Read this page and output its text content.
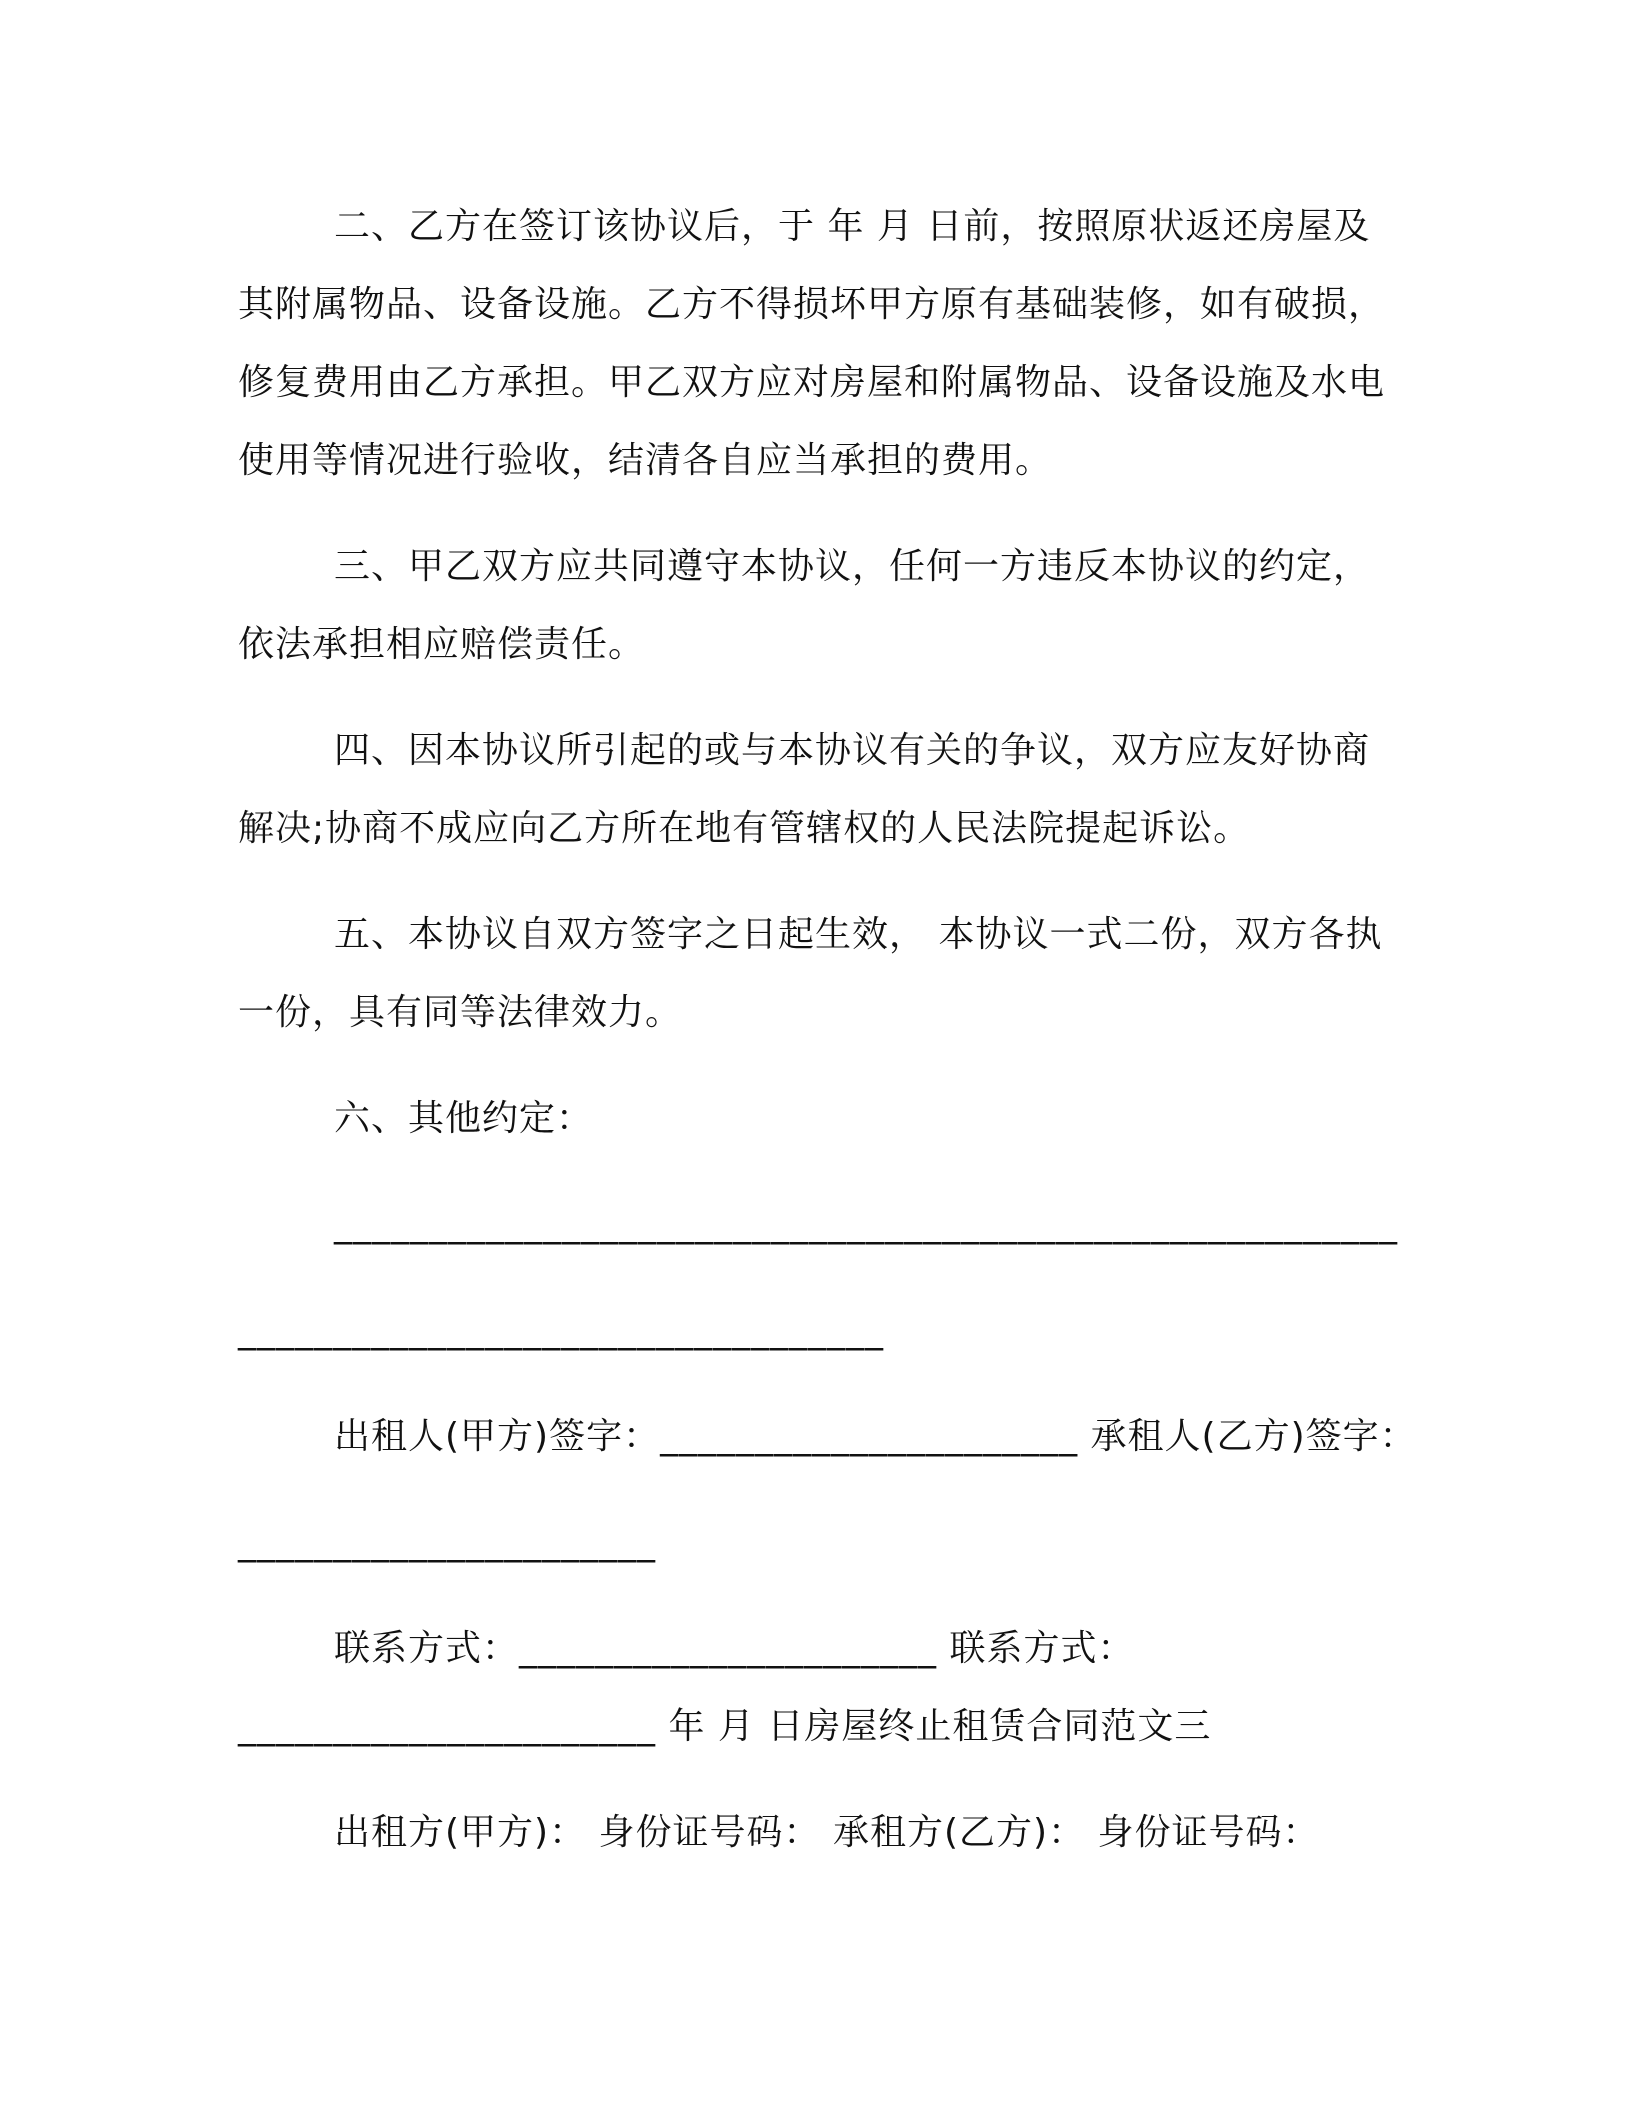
二、乙方在签订该协议后，于 年 月 日前，按照原状返还房屋及其附属物品、设备设施。乙方不得损坏甲方原有基础装修，如有破损，修复费用由乙方承担。甲乙双方应对房屋和附属物品、设备设施及水电使用等情况进行验收，结清各自应当承担的费用。

三、甲乙双方应共同遵守本协议，任何一方违反本协议的约定，依法承担相应赔偿责任。

四、因本协议所引起的或与本协议有关的争议，双方应友好协商解决;协商不成应向乙方所在地有管辖权的人民法院提起诉讼。

五、本协议自双方签字之日起生效， 本协议一式二份，双方各执一份，具有同等法律效力。

六、其他约定：
________________________________________________________
__________________________________
出租人(甲方)签字：______________________ 承租人(乙方)签字：
______________________
联系方式：______________________ 联系方式：
______________________ 年 月 日房屋终止租赁合同范文三
出租方(甲方)： 身份证号码： 承租方(乙方)： 身份证号码：
